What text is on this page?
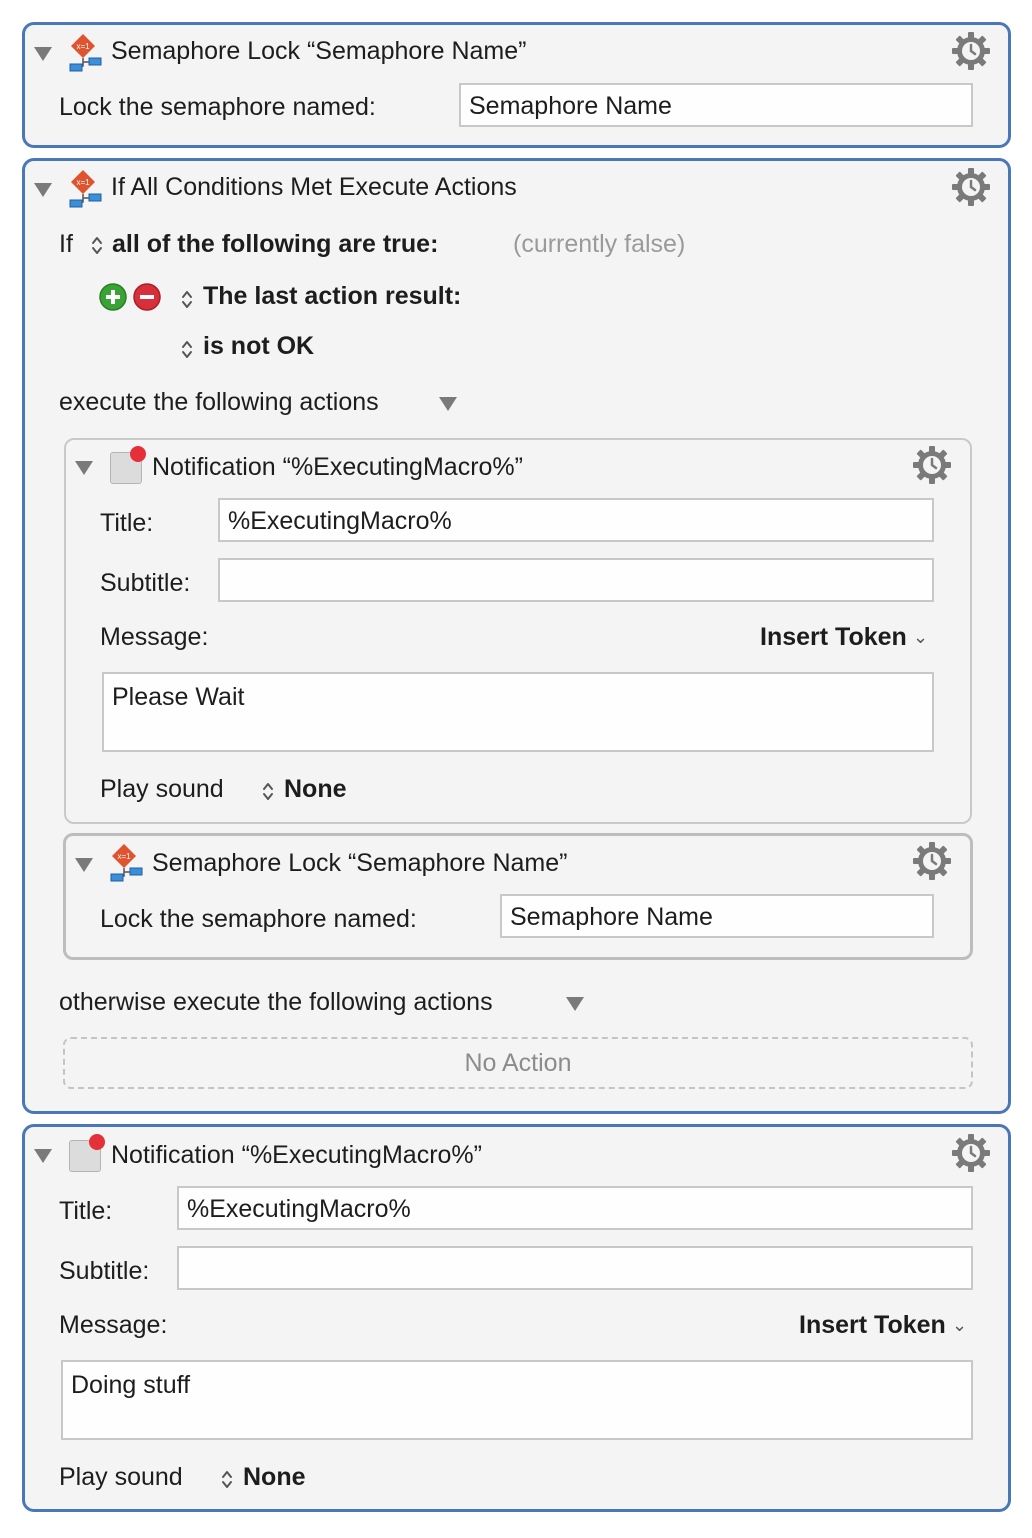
Semaphore Lock “Semaphore Name”
Lock the semaphore named:	Semaphore Name
If All Conditions Met Execute Actions
If all of the following are true:	(currently false)
The last action result:
is not OK
execute the following actions
Notification “%ExecutingMacro%”
Title:	%ExecutingMacro%
Subtitle:
Message:	Insert Token ⌄
Please Wait
Play sound None
Semaphore Lock “Semaphore Name”
Lock the semaphore named:	Semaphore Name
otherwise execute the following actions
No Action
Notification “%ExecutingMacro%”
Title:	%ExecutingMacro%
Subtitle:
Message:	Insert Token ⌄
Doing stuff
Play sound None
